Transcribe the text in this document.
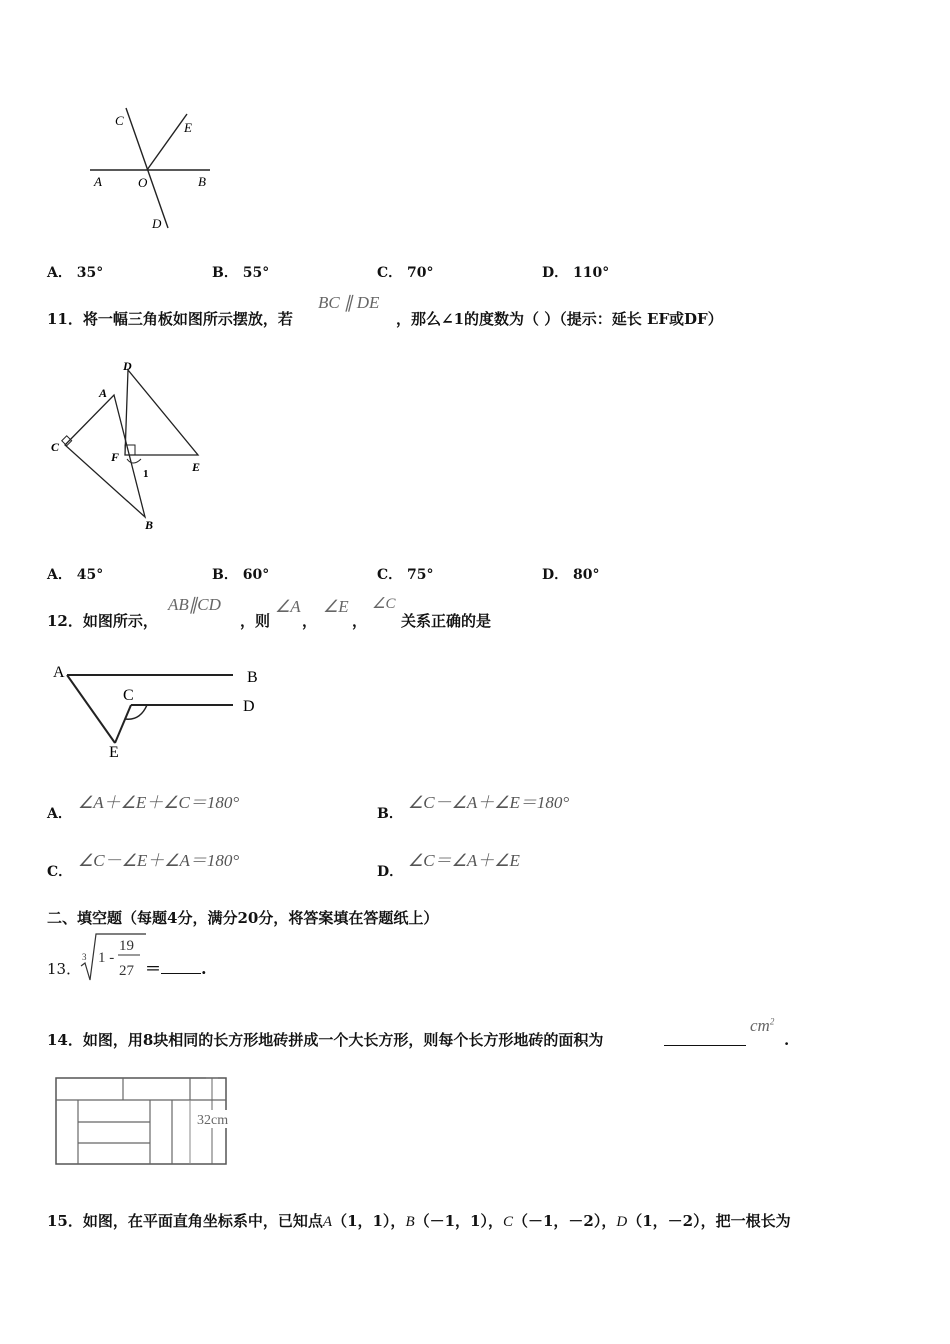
C	E
A	O	B
D
A． 35°	B． 55°	C． 70°	D． 110°
11．将一幅三角板如图所示摆放，若
BC ∥ DE
，那么∠1的度数为（ ）（提示：延长 EF或DF）
D
A
C
F
E
1
B
A． 45°	B． 60°	C． 75°	D． 80°
12．如图所示，
AB∥CD
，则
∠A
，
∠E
，
∠C
关系正确的是
A	B
C
D
E
A．
∠A＋∠E＋∠C＝180°
B．
∠C－∠A＋∠E＝180°
C．
∠C－∠E＋∠A＝180°
D．
∠C＝∠A＋∠E
二、填空题（每题4分，满分20分，将答案填在答题纸上）
13．
3 1 -
19
27 ＝	.
14．如图，用8块相同的长方形地砖拼成一个大长方形，则每个长方形地砖的面积为
$cm^2$
.
32cm
15．如图，在平面直角坐标系中，已知点A（1，1），B（－1，1），C（－1，－2），D（1，－2），把一根长为
